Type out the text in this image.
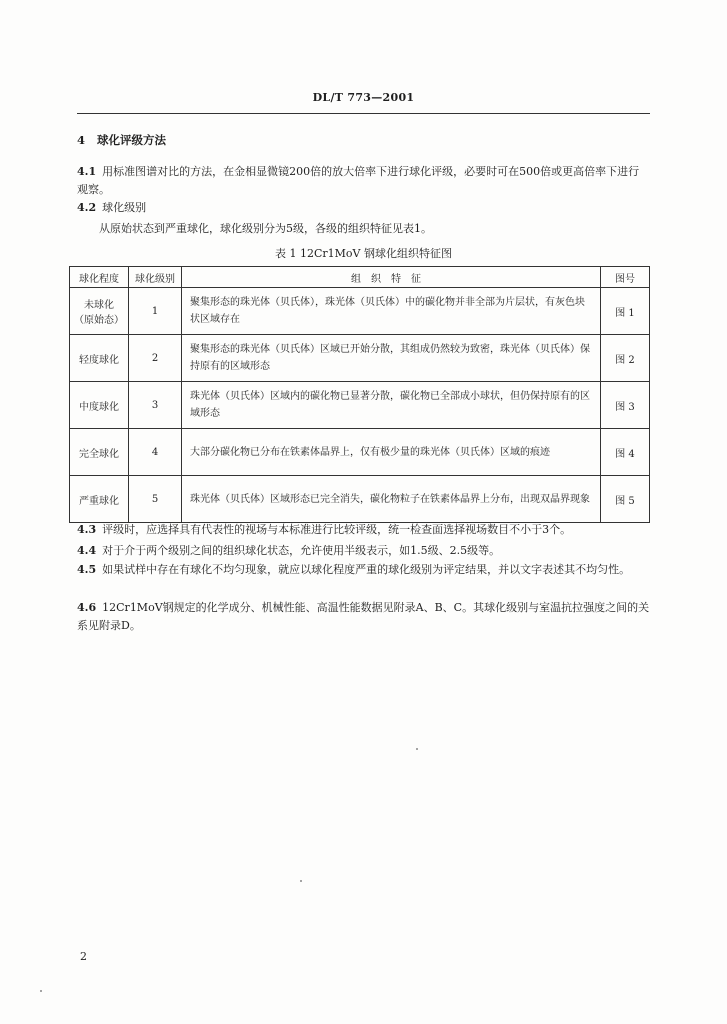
DL/T 773—2001
4 球化评级方法
4.1 用标准图谱对比的方法，在金相显微镜200倍的放大倍率下进行球化评级，必要时可在500倍或更高倍率下进行观察。
4.2 球化级别
从原始状态到严重球化，球化级别分为5级，各级的组织特征见表1。
表 1 12Cr1MoV 钢球化组织特征图
球化程度	球化级别	组织特征	图号
未球化
（原始态）	1	聚集形态的珠光体（贝氏体），珠光体（贝氏体）中的碳化物并非全部为片层状，有灰色块状区域存在	图 1
轻度球化	2	聚集形态的珠光体（贝氏体）区域已开始分散，其组成仍然较为致密，珠光体（贝氏体）保持原有的区域形态	图 2
中度球化	3	珠光体（贝氏体）区域内的碳化物已显著分散，碳化物已全部成小球状，但仍保持原有的区域形态	图 3
完全球化	4	大部分碳化物已分布在铁素体晶界上，仅有极少量的珠光体（贝氏体）区域的痕迹	图 4
严重球化	5	珠光体（贝氏体）区域形态已完全消失，碳化物粒子在铁素体晶界上分布，出现双晶界现象	图 5
4.3 评级时，应选择具有代表性的视场与本标准进行比较评级，统一检查面选择视场数目不小于3个。
4.4 对于介于两个级别之间的组织球化状态，允许使用半级表示，如1.5级、2.5级等。
4.5 如果试样中存在有球化不均匀现象，就应以球化程度严重的球化级别为评定结果，并以文字表述其不均匀性。
4.6 12Cr1MoV钢规定的化学成分、机械性能、高温性能数据见附录A、B、C。其球化级别与室温抗拉强度之间的关系见附录D。
2
